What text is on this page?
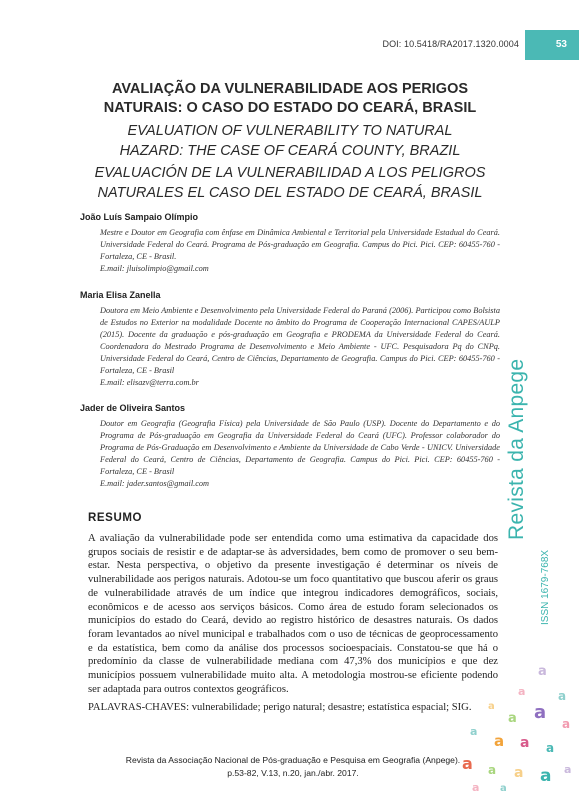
DOI: 10.5418/RA2017.1320.0004	53
Revista da Anpege
ISSN 1679-768X
a
a	a
a
a a
a
a
a a a
a a a a a
a a

AVALIAÇÃO DA VULNERABILIDADE AOS PERIGOS
NATURAIS: O CASO DO ESTADO DO CEARÁ, BRASIL

EVALUATION OF VULNERABILITY TO NATURAL
HAZARD: THE CASE OF CEARÁ COUNTY, BRAZIL

EVALUACIÓN DE LA VULNERABILIDAD A LOS PELIGROS
NATURALES EL CASO DEL ESTADO DE CEARÁ, BRASIL

João Luís Sampaio Olímpio
Mestre e Doutor em Geografia com ênfase em Dinâmica Ambiental e Territorial pela Universidade Estadual do Ceará. Universidade Federal do Ceará. Programa de Pós-graduação em Geografia. Campus do Pici. Pici. CEP: 60455-760 - Fortaleza, CE - Brasil.
E.mail: jluisolimpio@gmail.com
Maria Elisa Zanella
Doutora em Meio Ambiente e Desenvolvimento pela Universidade Federal do Paraná (2006). Participou como Bolsista de Estudos no Exterior na modalidade Docente no âmbito do Programa de Cooperação Internacional CAPES/AULP (2015). Docente da graduação e pós-graduação em Geografia e PRODEMA da Universidade Federal do Ceará. Coordenadora do Mestrado Programa de Desenvolvimento e Meio Ambiente - UFC. Pesquisadora Pq do CNPq. Universidade Federal do Ceará, Centro de Ciências, Departamento de Geografia. Campus do Pici. CEP: 60455-760 - Fortaleza, CE - Brasil
E.mail: elisazv@terra.com.br
Jader de Oliveira Santos
Doutor em Geografia (Geografia Física) pela Universidade de São Paulo (USP). Docente do Departamento e do Programa de Pós-graduação em Geografia da Universidade Federal do Ceará (UFC). Professor colaborador do Programa de Pós-Graduação em Desenvolvimento e Ambiente da Universidade de Cabo Verde - UNICV. Universidade Federal do Ceará, Centro de Ciências, Departamento de Geografia. Campus do Pici. Pici. CEP: 60455-760 - Fortaleza, CE - Brasil
E.mail: jader.santos@gmail.com
RESUMO

A avaliação da vulnerabilidade pode ser entendida como uma estimativa da capacidade dos grupos sociais de resistir e de adaptar-se às adversidades, bem como de promover o seu bem-estar. Nesta perspectiva, o objetivo da presente investigação é determinar os níveis de vulnerabilidade aos perigos naturais. Adotou-se um foco quantitativo que buscou aferir os graus de vulnerabilidade através de um índice que integrou indicadores demográficos, sociais, econômicos e de acesso aos serviços básicos. Como área de estudo foram selecionados os municípios do estado do Ceará, devido ao registro histórico de desastres naturais. Os dados foram levantados ao nível municipal e trabalhados com o uso de técnicas de geoprocessamento e da estatística, bem como da análise dos processos socioespaciais. Constatou-se que há o predomínio da classe de vulnerabilidade mediana com 47,3% dos municípios e que dez municípios possuem vulnerabilidade muito alta. A metodologia mostrou-se eficiente podendo ser adaptada para outros contextos geográficos.

PALAVRAS-CHAVES: vulnerabilidade; perigo natural; desastre; estatística espacial; SIG.

Revista da Associação Nacional de Pós-graduação e Pesquisa em Geografia (Anpege).
p.53-82, V.13, n.20, jan./abr. 2017.
